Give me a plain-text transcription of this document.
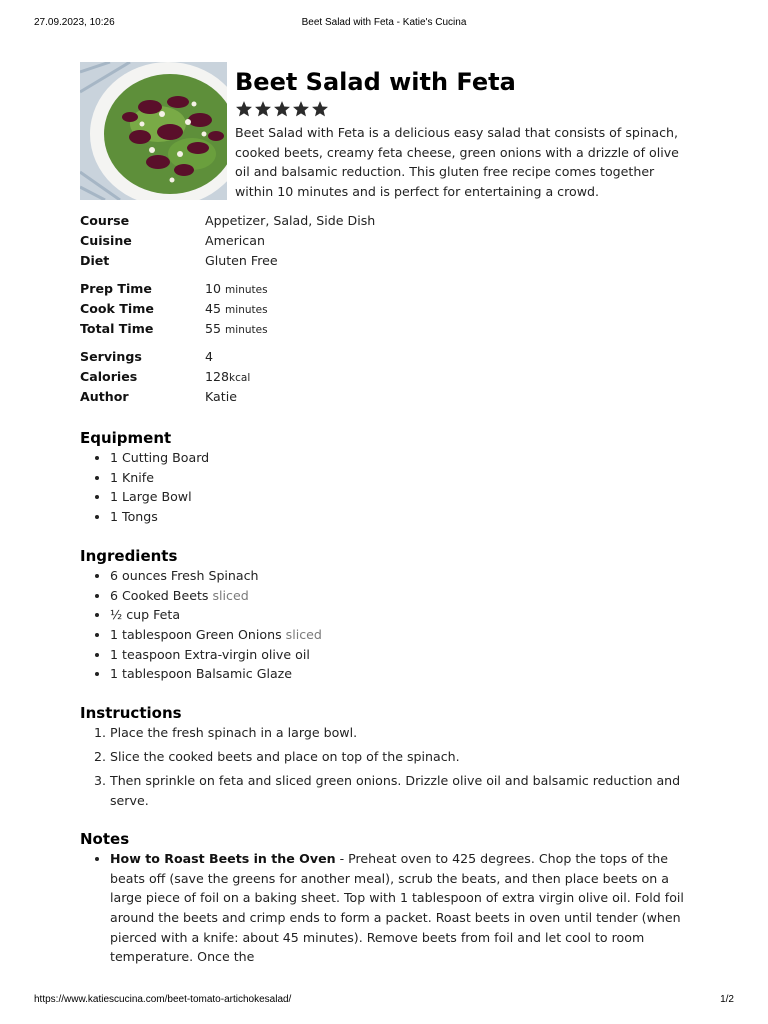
27.09.2023, 10:26	Beet Salad with Feta - Katie's Cucina
Beet Salad with Feta

Beet Salad with Feta is a delicious easy salad that consists of spinach, cooked beets, creamy feta cheese, green onions with a drizzle of olive oil and balsamic reduction. This gluten free recipe comes together within 10 minutes and is perfect for entertaining a crowd.

Course	Appetizer, Salad, Side Dish
Cuisine	American
Diet	Gluten Free
Prep Time	10 minutes
Cook Time	45 minutes
Total Time	55 minutes
Servings	4
Calories	128kcal
Author	Katie
Equipment
• 1 Cutting Board
• 1 Knife
• 1 Large Bowl
• 1 Tongs
Ingredients
• 6 ounces Fresh Spinach
• 6 Cooked Beets sliced
• ½ cup Feta
• 1 tablespoon Green Onions sliced
• 1 teaspoon Extra-virgin olive oil
• 1 tablespoon Balsamic Glaze
Instructions
1. Place the fresh spinach in a large bowl.
2. Slice the cooked beets and place on top of the spinach.
3. Then sprinkle on feta and sliced green onions. Drizzle olive oil and balsamic reduction and serve.
Notes
• How to Roast Beets in the Oven - Preheat oven to 425 degrees. Chop the tops of the beats off (save the greens for another meal), scrub the beats, and then place beets on a large piece of foil on a baking sheet. Top with 1 tablespoon of extra virgin olive oil. Fold foil around the beets and crimp ends to form a packet. Roast beets in oven until tender (when pierced with a knife: about 45 minutes). Remove beets from foil and let cool to room temperature. Once the
https://www.katiescucina.com/beet-tomato-artichokesalad/	1/2
